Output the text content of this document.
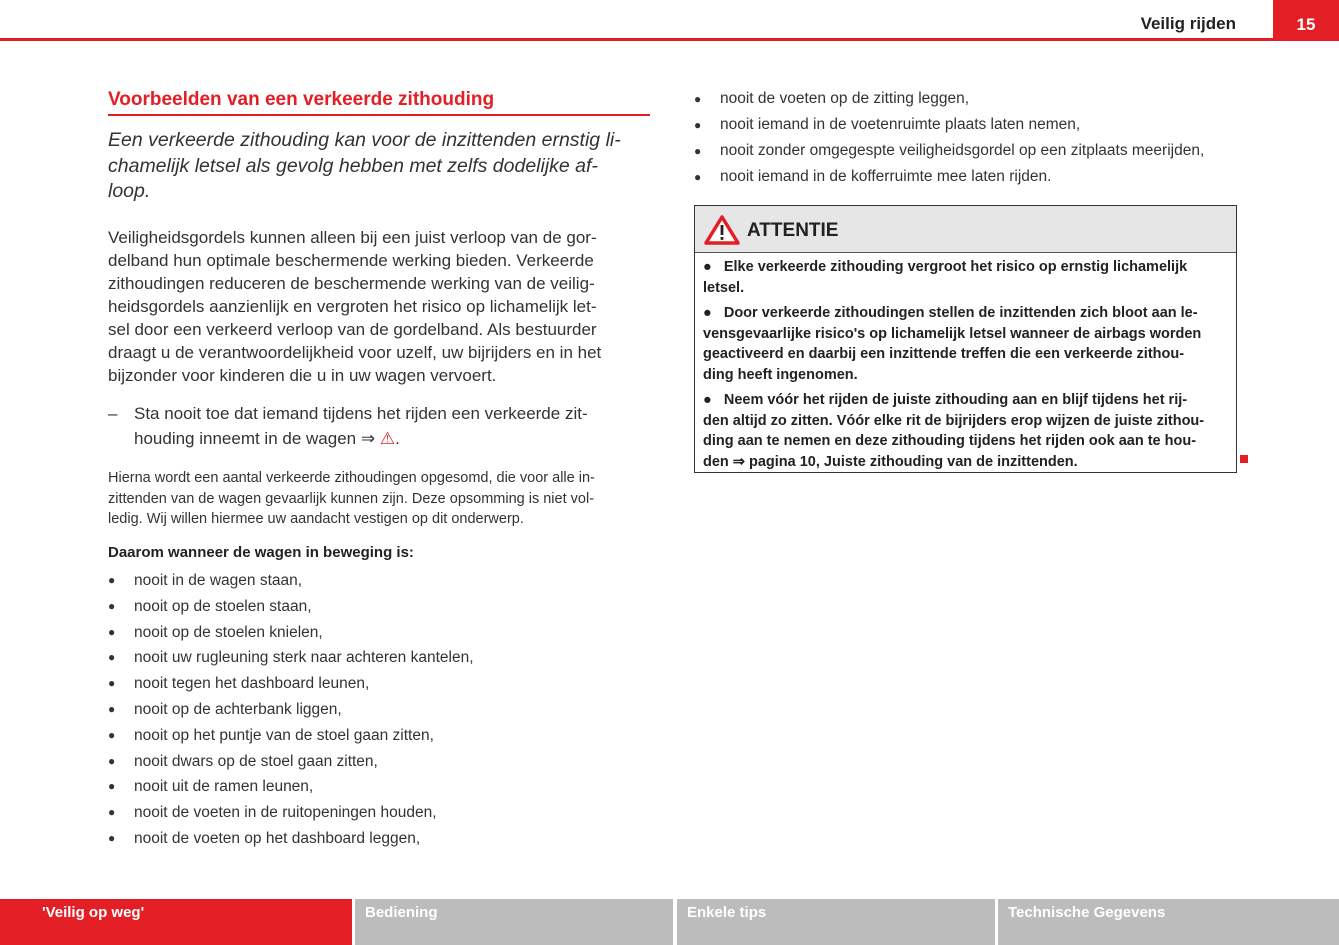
Veilig rijden	15
Voorbeelden van een verkeerde zithouding
Een verkeerde zithouding kan voor de inzittenden ernstig li-
chamelijk letsel als gevolg hebben met zelfs dodelijke af-
loop.
Veiligheidsgordels kunnen alleen bij een juist verloop van de gor-
delband hun optimale beschermende werking bieden. Verkeerde
zithoudingen reduceren de beschermende werking van de veilig-
heidsgordels aanzienlijk en vergroten het risico op lichamelijk let-
sel door een verkeerd verloop van de gordelband. Als bestuurder
draagt u de verantwoordelijkheid voor uzelf, uw bijrijders en in het
bijzonder voor kinderen die u in uw wagen vervoert.
– Sta nooit toe dat iemand tijdens het rijden een verkeerde zit-
houding inneemt in de wagen ⇒ ⚠.
Hierna wordt een aantal verkeerde zithoudingen opgesomd, die voor alle in-
zittenden van de wagen gevaarlijk kunnen zijn. Deze opsomming is niet vol-
ledig. Wij willen hiermee uw aandacht vestigen op dit onderwerp.
Daarom wanneer de wagen in beweging is:
● nooit in de wagen staan,
● nooit op de stoelen staan,
● nooit op de stoelen knielen,
● nooit uw rugleuning sterk naar achteren kantelen,
● nooit tegen het dashboard leunen,
● nooit op de achterbank liggen,
● nooit op het puntje van de stoel gaan zitten,
● nooit dwars op de stoel gaan zitten,
● nooit uit de ramen leunen,
● nooit de voeten in de ruitopeningen houden,
● nooit de voeten op het dashboard leggen,
● nooit de voeten op de zitting leggen,
● nooit iemand in de voetenruimte plaats laten nemen,
● nooit zonder omgegespte veiligheidsgordel op een zitplaats meerijden,
● nooit iemand in de kofferruimte mee laten rijden.
ATTENTIE
●   Elke verkeerde zithouding vergroot het risico op ernstig lichamelijk
letsel.
●   Door verkeerde zithoudingen stellen de inzittenden zich bloot aan le-
vensgevaarlijke risico's op lichamelijk letsel wanneer de airbags worden
geactiveerd en daarbij een inzittende treffen die een verkeerde zithou-
ding heeft ingenomen.
●   Neem vóór het rijden de juiste zithouding aan en blijf tijdens het rij-
den altijd zo zitten. Vóór elke rit de bijrijders erop wijzen de juiste zithou-
ding aan te nemen en deze zithouding tijdens het rijden ook aan te hou-
den ⇒ pagina 10, Juiste zithouding van de inzittenden.
'Veilig op weg'	Bediening	Enkele tips	Technische Gegevens
